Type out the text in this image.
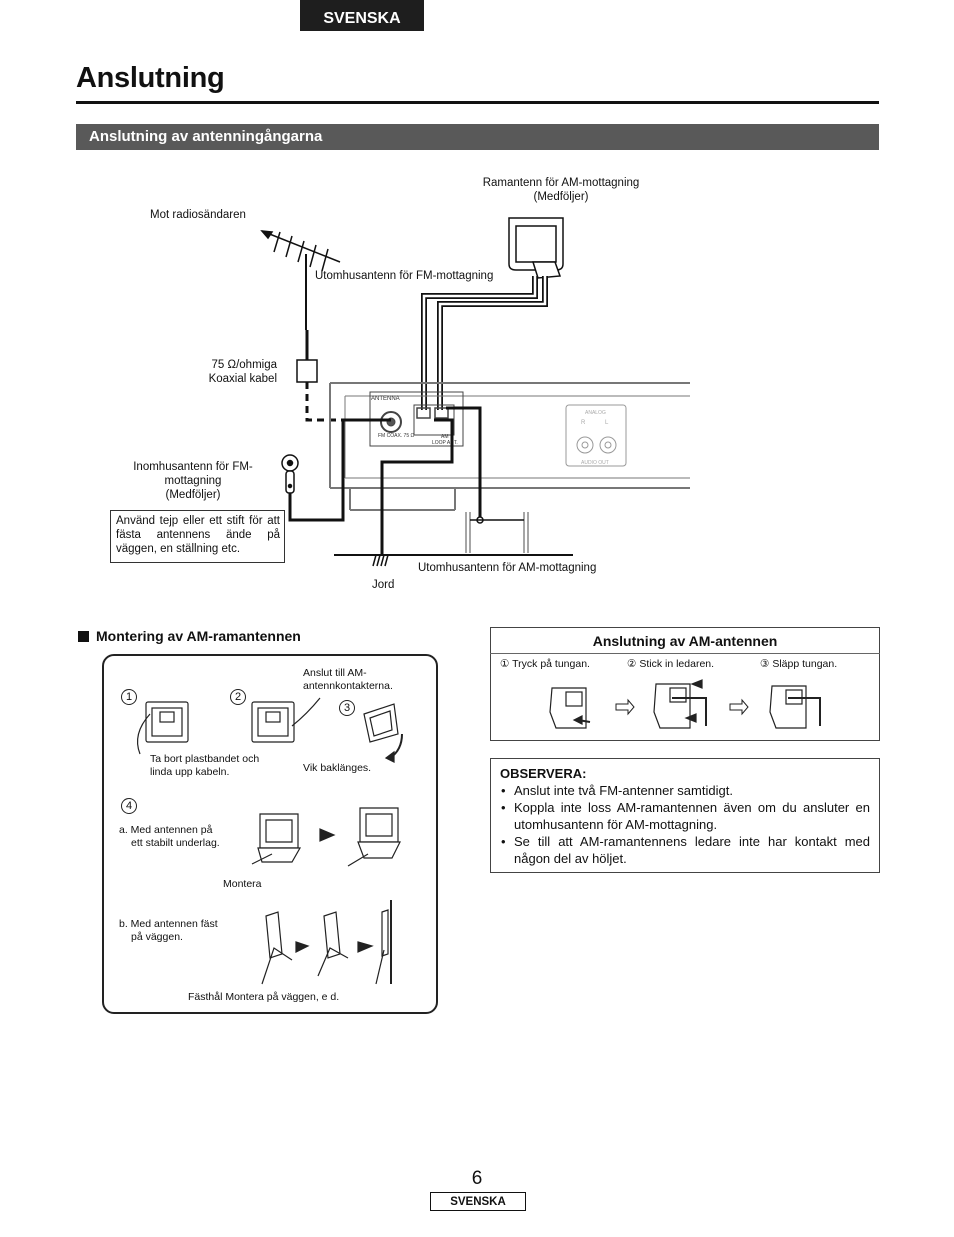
SVENSKA
Anslutning
Anslutning av antenningångarna
ANTENNA
FM COAX. 75 Ω	AM
LOOP ANT.
ANALOG
R	L
AUDIO OUT
Mot radiosändaren
Ramantenn för AM-mottagning
(Medföljer)
Utomhusantenn för FM-mottagning
75 Ω/ohmiga
Koaxial kabel
Inomhusantenn för FM-
mottagning
(Medföljer)
Använd tejp eller ett stift för att fästa antennens ände på väggen, en ställning etc.
Jord
Utomhusantenn för AM-mottagning
Montering av AM-ramantennen
1	2
3
4
Anslut till AM-
antennkontakterna.
Ta bort plastbandet och
linda upp kabeln.	Vik baklänges.
a. Med antennen på
ett stabilt underlag.
Montera
b. Med antennen fäst
på väggen.
Fästhål Montera på väggen, e d.
Anslutning av AM-antennen
① Tryck på tungan.	② Stick in ledaren.	③ Släpp tungan.
OBSERVERA:
• Anslut inte två FM-antenner samtidigt.
• Koppla inte loss AM-ramantennen även om du ansluter en utomhusantenn för AM-mottagning.
• Se till att AM-ramantennens ledare inte har kontakt med någon del av höljet.
6
SVENSKA
